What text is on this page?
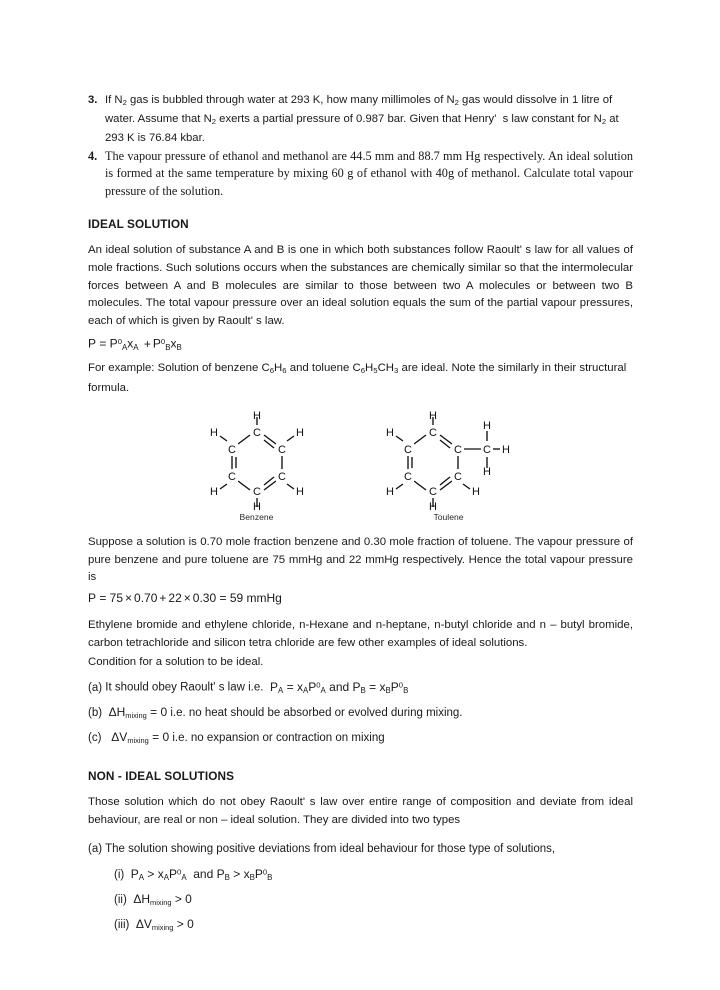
3. If $N_2$ gas is bubbled through water at 293 K, how many millimoles of $N_2$ gas would dissolve in 1 litre of water. Assume that $N_2$ exerts a partial pressure of 0.987 bar. Given that Henry'  s law constant for $N_2$ at 293 K is 76.84 kbar.
4. The vapour pressure of ethanol and methanol are 44.5 mm and 88.7 mm Hg respectively. An ideal solution is formed at the same temperature by mixing 60 g of ethanol with 40g of methanol. Calculate total vapour pressure of the solution.
IDEAL SOLUTION

An ideal solution of substance A and B is one in which both substances follow Raoult' s law for all values of mole fractions. Such solutions occurs when the substances are chemically similar so that the intermolecular forces between A and B molecules are similar to those between two A molecules or between two B molecules. The total vapour pressure over an ideal solution equals the sum of the partial vapour pressures, each of which is given by Raoult' s law.

$P = P^0_Ax_A + P^0_Bx_B$

For example: Solution of benzene $C_6H_6$ and toluene $C_6H_5CH_3$ are ideal. Note the similarly in their structural formula.

C
C	C
C	C
C
H
H	H
H	H
H
Benzene
C
C	C
C	C
C
C
H
H
H	H
H
H
H
H
Toulene

Suppose a solution is 0.70 mole fraction benzene and 0.30 mole fraction of toluene. The vapour pressure of pure benzene and pure toluene are 75 mmHg and 22 mmHg respectively. Hence the total vapour pressure is

P = 75 × 0.70 + 22 × 0.30 = 59 mmHg

Ethylene bromide and ethylene chloride, n-Hexane and n-heptane, n-butyl chloride and n – butyl bromide, carbon tetrachloride and silicon tetra chloride are few other examples of ideal solutions.

Condition for a solution to be ideal.

(a) It should obey Raoult' s law i.e.  $P_A = x_AP^0_A$ and $P_B = x_BP^0_B$
(b)  ΔHmixing = 0 i.e. no heat should be absorbed or evolved during mixing.
(c)   ΔVmixing = 0 i.e. no expansion or contraction on mixing
NON - IDEAL SOLUTIONS

Those solution which do not obey Raoult' s law over entire range of composition and deviate from ideal behaviour, are real or non – ideal solution. They are divided into two types

(a) The solution showing positive deviations from ideal behaviour for those type of solutions,
(i)  $P_A > x_AP^0_A$  and $P_B > x_BP^0_B$
(ii)  ΔHmixing > 0
(iii)  ΔVmixing > 0
